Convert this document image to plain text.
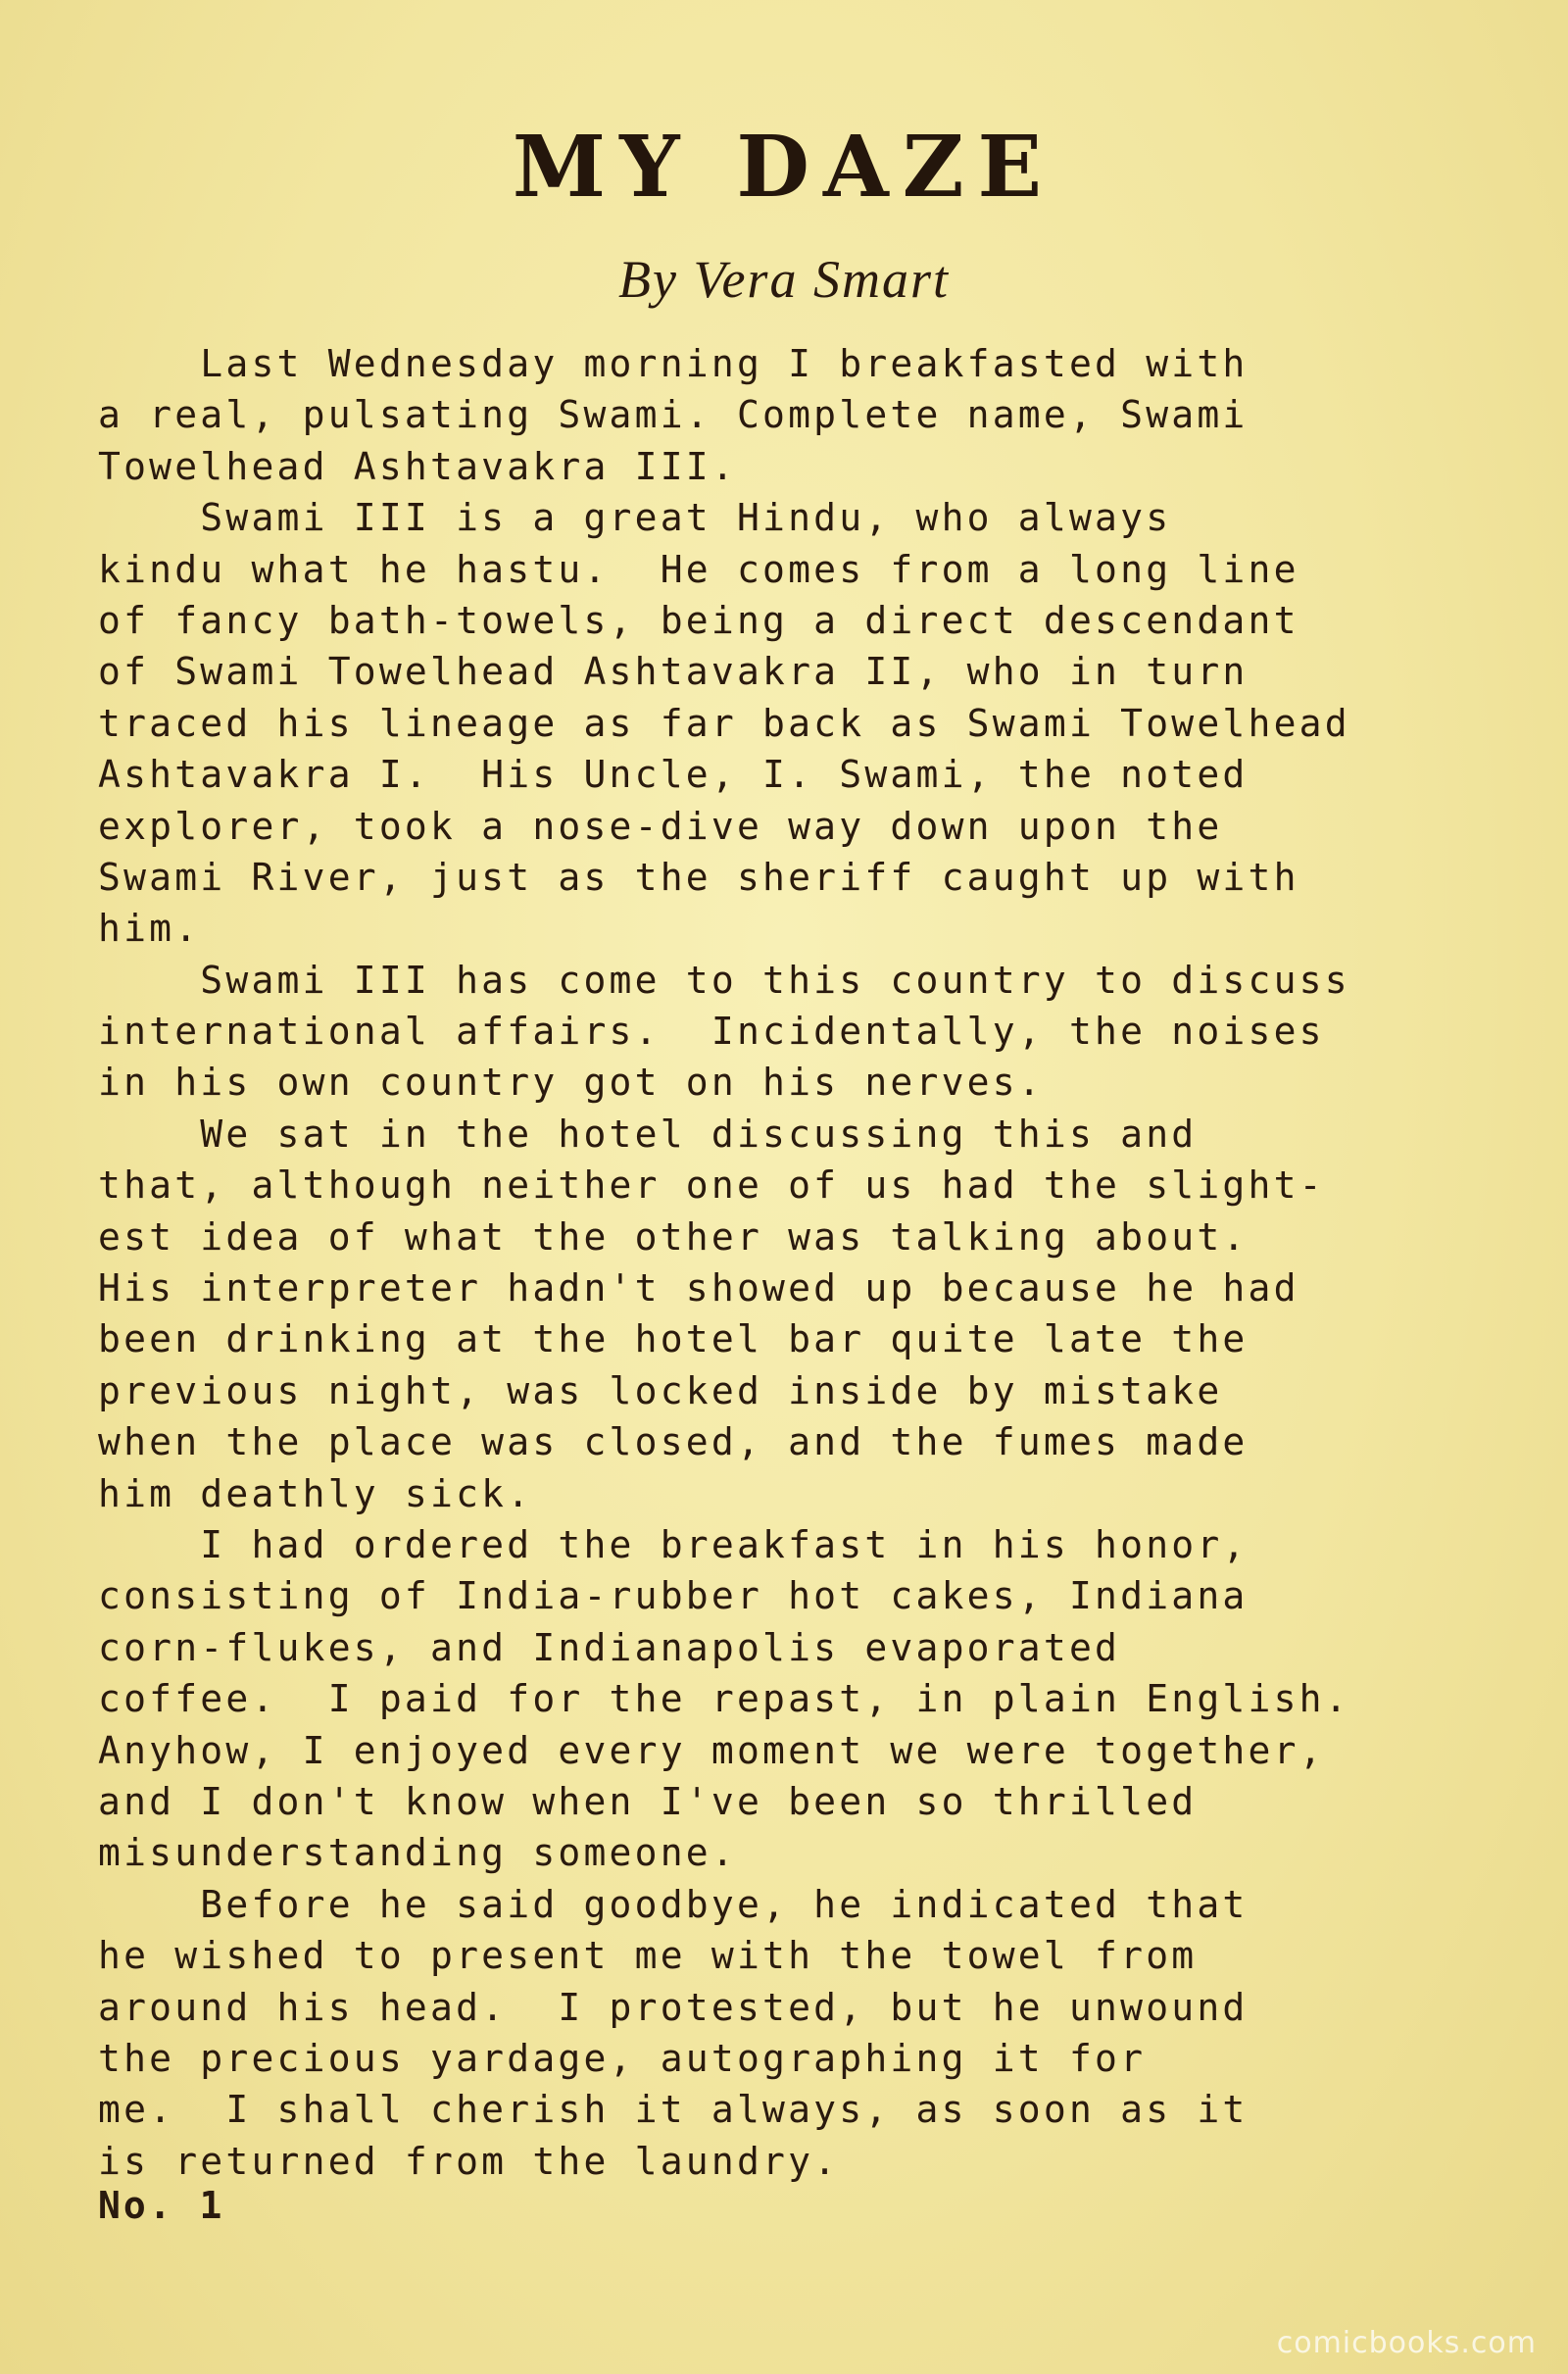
MY DAZE
By Vera Smart
Last Wednesday morning I breakfasted with
a real, pulsating Swami. Complete name, Swami
Towelhead Ashtavakra III.
Swami III is a great Hindu, who always
kindu what he hastu.  He comes from a long line
of fancy bath-towels, being a direct descendant
of Swami Towelhead Ashtavakra II, who in turn
traced his lineage as far back as Swami Towelhead
Ashtavakra I.  His Uncle, I. Swami, the noted
explorer, took a nose-dive way down upon the
Swami River, just as the sheriff caught up with
him.
Swami III has come to this country to discuss
international affairs.  Incidentally, the noises
in his own country got on his nerves.
We sat in the hotel discussing this and
that, although neither one of us had the slight-
est idea of what the other was talking about.
His interpreter hadn't showed up because he had
been drinking at the hotel bar quite late the
previous night, was locked inside by mistake
when the place was closed, and the fumes made
him deathly sick.
I had ordered the breakfast in his honor,
consisting of India-rubber hot cakes, Indiana
corn-flukes, and Indianapolis evaporated
coffee.  I paid for the repast, in plain English.
Anyhow, I enjoyed every moment we were together,
and I don't know when I've been so thrilled
misunderstanding someone.
Before he said goodbye, he indicated that
he wished to present me with the towel from
around his head.  I protested, but he unwound
the precious yardage, autographing it for
me.  I shall cherish it always, as soon as it
is returned from the laundry.
No. 1
comicbooks.com
